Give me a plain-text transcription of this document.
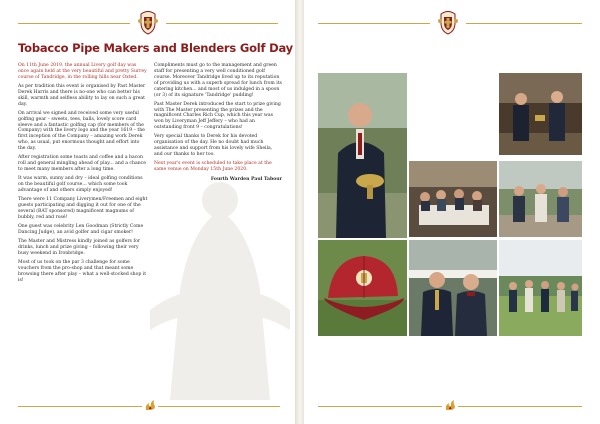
Tobacco Pipe Makers and Blenders Golf Day

On 11th June 2019, the annual Livery golf day was once again held at the very beautiful and pretty Surrey course of Tandridge, in the rolling hills near Oxted.

As per tradition this event is organised by Past Master Derek Harris and there is no-one who can better his skill, warmth and selfless ability to lay on such a great day.

On arrival we signed and received some very useful golfing gear – sweets, tees, balls, lovely score card sleeve and a fantastic golfing cap (for members of the Company) with the livery logo and the year 1619 – the first inception of the Company – amazing work Derek who, as usual, put enormous thought and effort into the day.

After registration some toasts and coffee and a bacon roll and general mingling ahead of play... and a chance to meet many members after a long time.

It was warm, sunny and dry – ideal golfing conditions on the beautiful golf course... which some took advantage of and others simply enjoyed!

There were 11 Company Liverymen/Freemen and eight guests participating and digging it out for one of the several (BAT sponsored) magnificent magnums of bubbly, red and rosé!

One guest was celebrity Len Goodman (Strictly Come Dancing Judge), an avid golfer and cigar smoker!

The Master and Mistress kindly joined as golfers for drinks, lunch and prize giving – following their very busy weekend in Ironbridge.

Most of us took on the par 3 challenge for some vouchers from the pro-shop and that meant some browsing there after play – what a well-stocked shop it is!

Compliments must go to the management and green staff for presenting a very well conditioned golf course. Moreover Tandridge lived up to its reputation of providing us with a superb spread for lunch from its catering kitchen... and most of us indulged in a spoon (or 3) of its signature 'Tandridge' pudding!

Past Master Derek introduced the start to prize giving with The Master presenting the prizes and the magnificent Charles Rich Cup, which this year was won by Liveryman Jeff Jeffery – who had an outstanding front 9 – congratulations!

Very special thanks to Derek for his devoted organisation of the day. He no doubt had much assistance and support from his lovely wife Sheila, and our thanks to her too.

Next year's event is scheduled to take place at the same venue on Monday 15th June 2020.

Fourth Warden Paul Tabour
